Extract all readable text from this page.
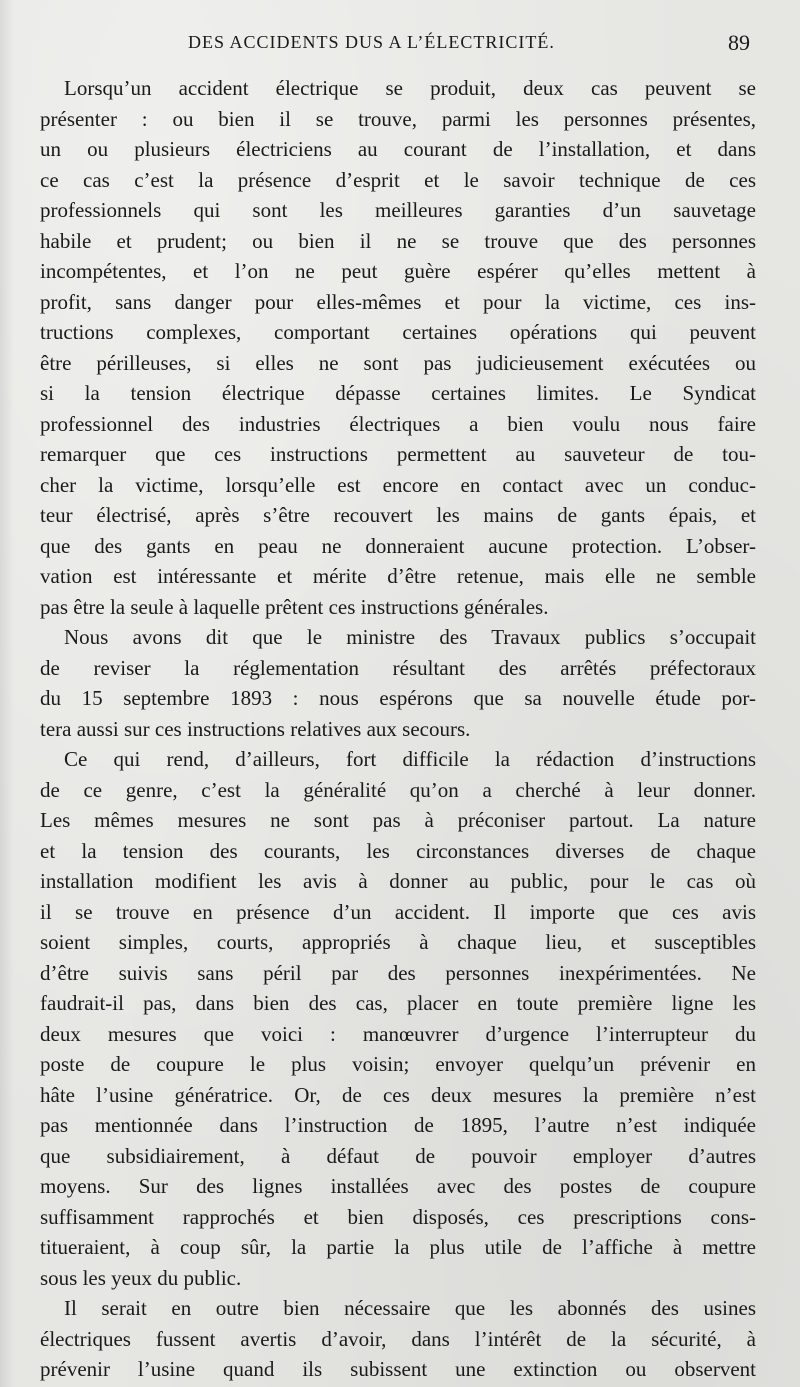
DES ACCIDENTS DUS A L’ÉLECTRICITÉ.	89
Lorsqu’un accident électrique se produit, deux cas peuvent se
présenter : ou bien il se trouve, parmi les personnes présentes,
un ou plusieurs électriciens au courant de l’installation, et dans
ce cas c’est la présence d’esprit et le savoir technique de ces
professionnels qui sont les meilleures garanties d’un sauvetage
habile et prudent; ou bien il ne se trouve que des personnes
incompétentes, et l’on ne peut guère espérer qu’elles mettent à
profit, sans danger pour elles-mêmes et pour la victime, ces ins-
tructions complexes, comportant certaines opérations qui peuvent
être périlleuses, si elles ne sont pas judicieusement exécutées ou
si la tension électrique dépasse certaines limites. Le Syndicat
professionnel des industries électriques a bien voulu nous faire
remarquer que ces instructions permettent au sauveteur de tou-
cher la victime, lorsqu’elle est encore en contact avec un conduc-
teur électrisé, après s’être recouvert les mains de gants épais, et
que des gants en peau ne donneraient aucune protection. L’obser-
vation est intéressante et mérite d’être retenue, mais elle ne semble
pas être la seule à laquelle prêtent ces instructions générales.
Nous avons dit que le ministre des Travaux publics s’occupait
de reviser la réglementation résultant des arrêtés préfectoraux
du 15 septembre 1893 : nous espérons que sa nouvelle étude por-
tera aussi sur ces instructions relatives aux secours.
Ce qui rend, d’ailleurs, fort difficile la rédaction d’instructions
de ce genre, c’est la généralité qu’on a cherché à leur donner.
Les mêmes mesures ne sont pas à préconiser partout. La nature
et la tension des courants, les circonstances diverses de chaque
installation modifient les avis à donner au public, pour le cas où
il se trouve en présence d’un accident. Il importe que ces avis
soient simples, courts, appropriés à chaque lieu, et susceptibles
d’être suivis sans péril par des personnes inexpérimentées. Ne
faudrait-il pas, dans bien des cas, placer en toute première ligne les
deux mesures que voici : manœuvrer d’urgence l’interrupteur du
poste de coupure le plus voisin; envoyer quelqu’un prévenir en
hâte l’usine génératrice. Or, de ces deux mesures la première n’est
pas mentionnée dans l’instruction de 1895, l’autre n’est indiquée
que subsidiairement, à défaut de pouvoir employer d’autres
moyens. Sur des lignes installées avec des postes de coupure
suffisamment rapprochés et bien disposés, ces prescriptions cons-
titueraient, à coup sûr, la partie la plus utile de l’affiche à mettre
sous les yeux du public.
Il serait en outre bien nécessaire que les abonnés des usines
électriques fussent avertis d’avoir, dans l’intérêt de la sécurité, à
prévenir l’usine quand ils subissent une extinction ou observent
